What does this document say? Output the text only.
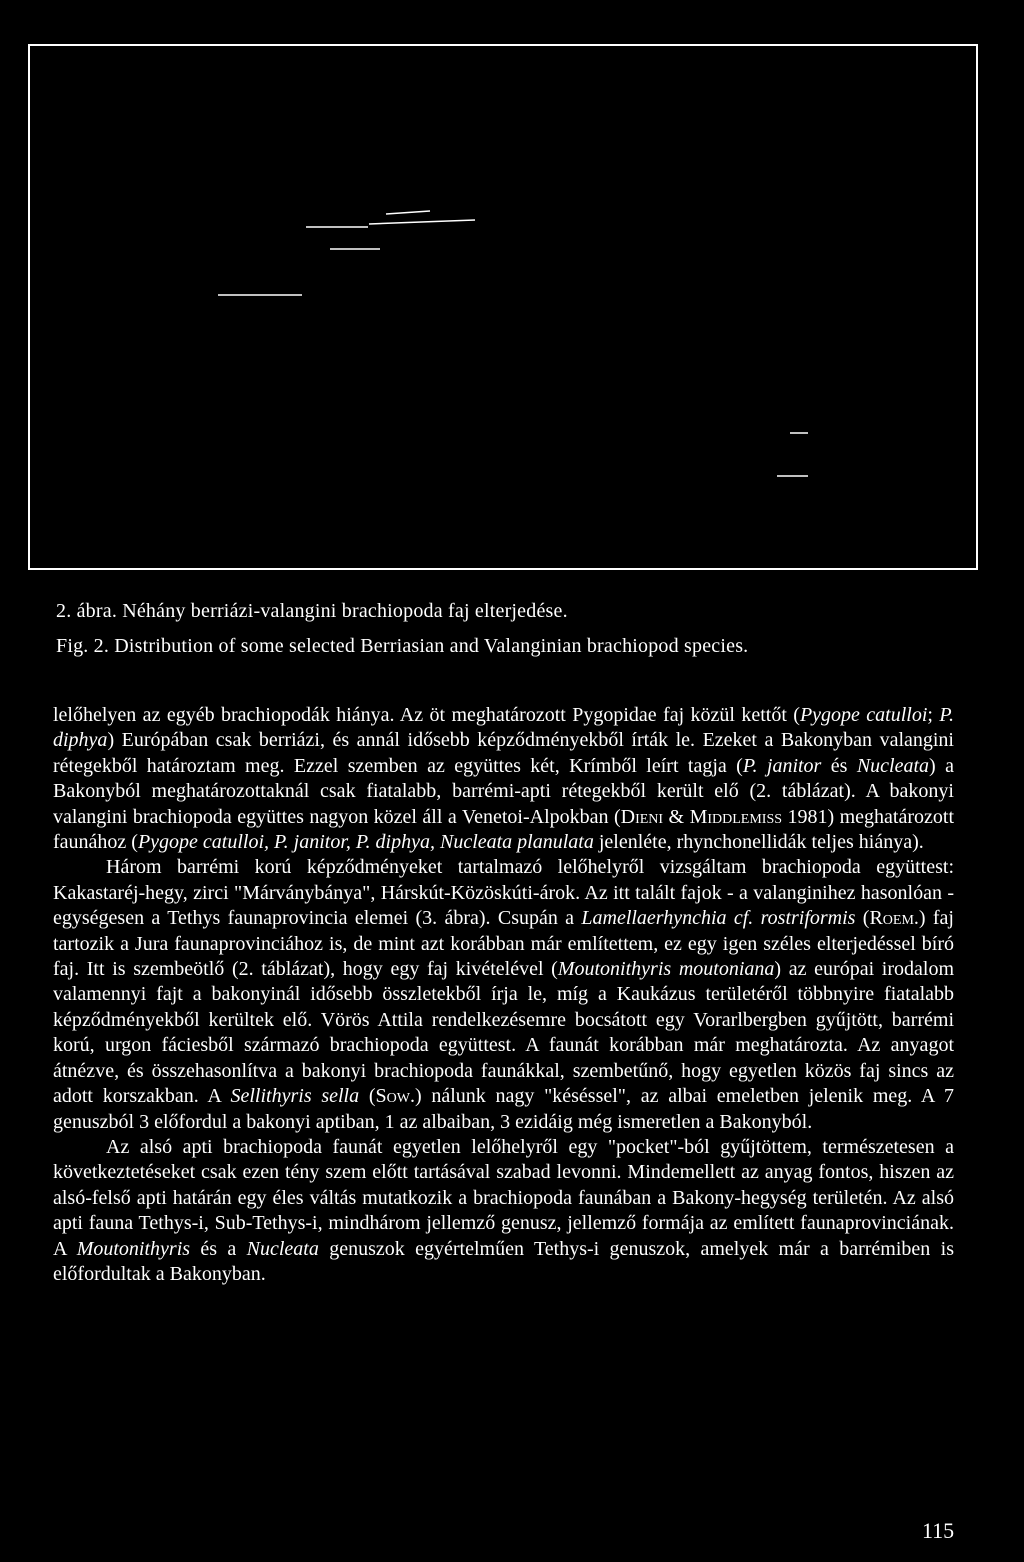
2. ábra. Néhány berriázi-valangini brachiopoda faj elterjedése.
Fig. 2. Distribution of some selected Berriasian and Valanginian brachiopod species.

lelőhelyen az egyéb brachiopodák hiánya. Az öt meghatározott Pygopidae faj közül kettőt (Pygope catulloi; P. diphya) Európában csak berriázi, és annál idősebb képződményekből írták le. Ezeket a Bakonyban valangini rétegekből határoztam meg. Ezzel szemben az együttes két, Krímből leírt tagja (P. janitor és Nucleata) a Bakonyból meghatározottaknál csak fiatalabb, barrémi-apti rétegekből került elő (2. táblázat). A bakonyi valangini brachiopoda együttes nagyon közel áll a Venetoi-Alpokban (Dieni & Middlemiss 1981) meghatározott faunához (Pygope catulloi, P. janitor, P. diphya, Nucleata planulata jelenléte, rhynchonellidák teljes hiánya).

Három barrémi korú képződményeket tartalmazó lelőhelyről vizsgáltam brachiopoda együttest: Kakastaréj-hegy, zirci "Márványbánya", Hárskút-Közöskúti-árok. Az itt talált fajok - a valanginihez hasonlóan - egységesen a Tethys faunaprovincia elemei (3. ábra). Csupán a Lamellaerhynchia cf. rostriformis (Roem.) faj tartozik a Jura faunaprovinciához is, de mint azt korábban már említettem, ez egy igen széles elterjedéssel bíró faj. Itt is szembeötlő (2. táblázat), hogy egy faj kivételével (Moutonithyris moutoniana) az európai irodalom valamennyi fajt a bakonyinál idősebb összletekből írja le, míg a Kaukázus területéről többnyire fiatalabb képződményekből kerültek elő. Vörös Attila rendelkezésemre bocsátott egy Vorarlbergben gyűjtött, barrémi korú, urgon fáciesből származó brachiopoda együttest. A faunát korábban már meghatározta. Az anyagot átnézve, és összehasonlítva a bakonyi brachiopoda faunákkal, szembetűnő, hogy egyetlen közös faj sincs az adott korszakban. A Sellithyris sella (Sow.) nálunk nagy "késéssel", az albai emeletben jelenik meg. A 7 genuszból 3 előfordul a bakonyi aptiban, 1 az albaiban, 3 ezidáig még ismeretlen a Bakonyból.

Az alsó apti brachiopoda faunát egyetlen lelőhelyről egy "pocket"-ból gyűjtöttem, természetesen a következtetéseket csak ezen tény szem előtt tartásával szabad levonni. Mindemellett az anyag fontos, hiszen az alsó-felső apti határán egy éles váltás mutatkozik a brachiopoda faunában a Bakony-hegység területén. Az alsó apti fauna Tethys-i, Sub-Tethys-i, mindhárom jellemző genusz, jellemző formája az említett faunaprovinciának. A Moutonithyris és a Nucleata genuszok egyértelműen Tethys-i genuszok, amelyek már a barrémiben is előfordultak a Bakonyban.

115
